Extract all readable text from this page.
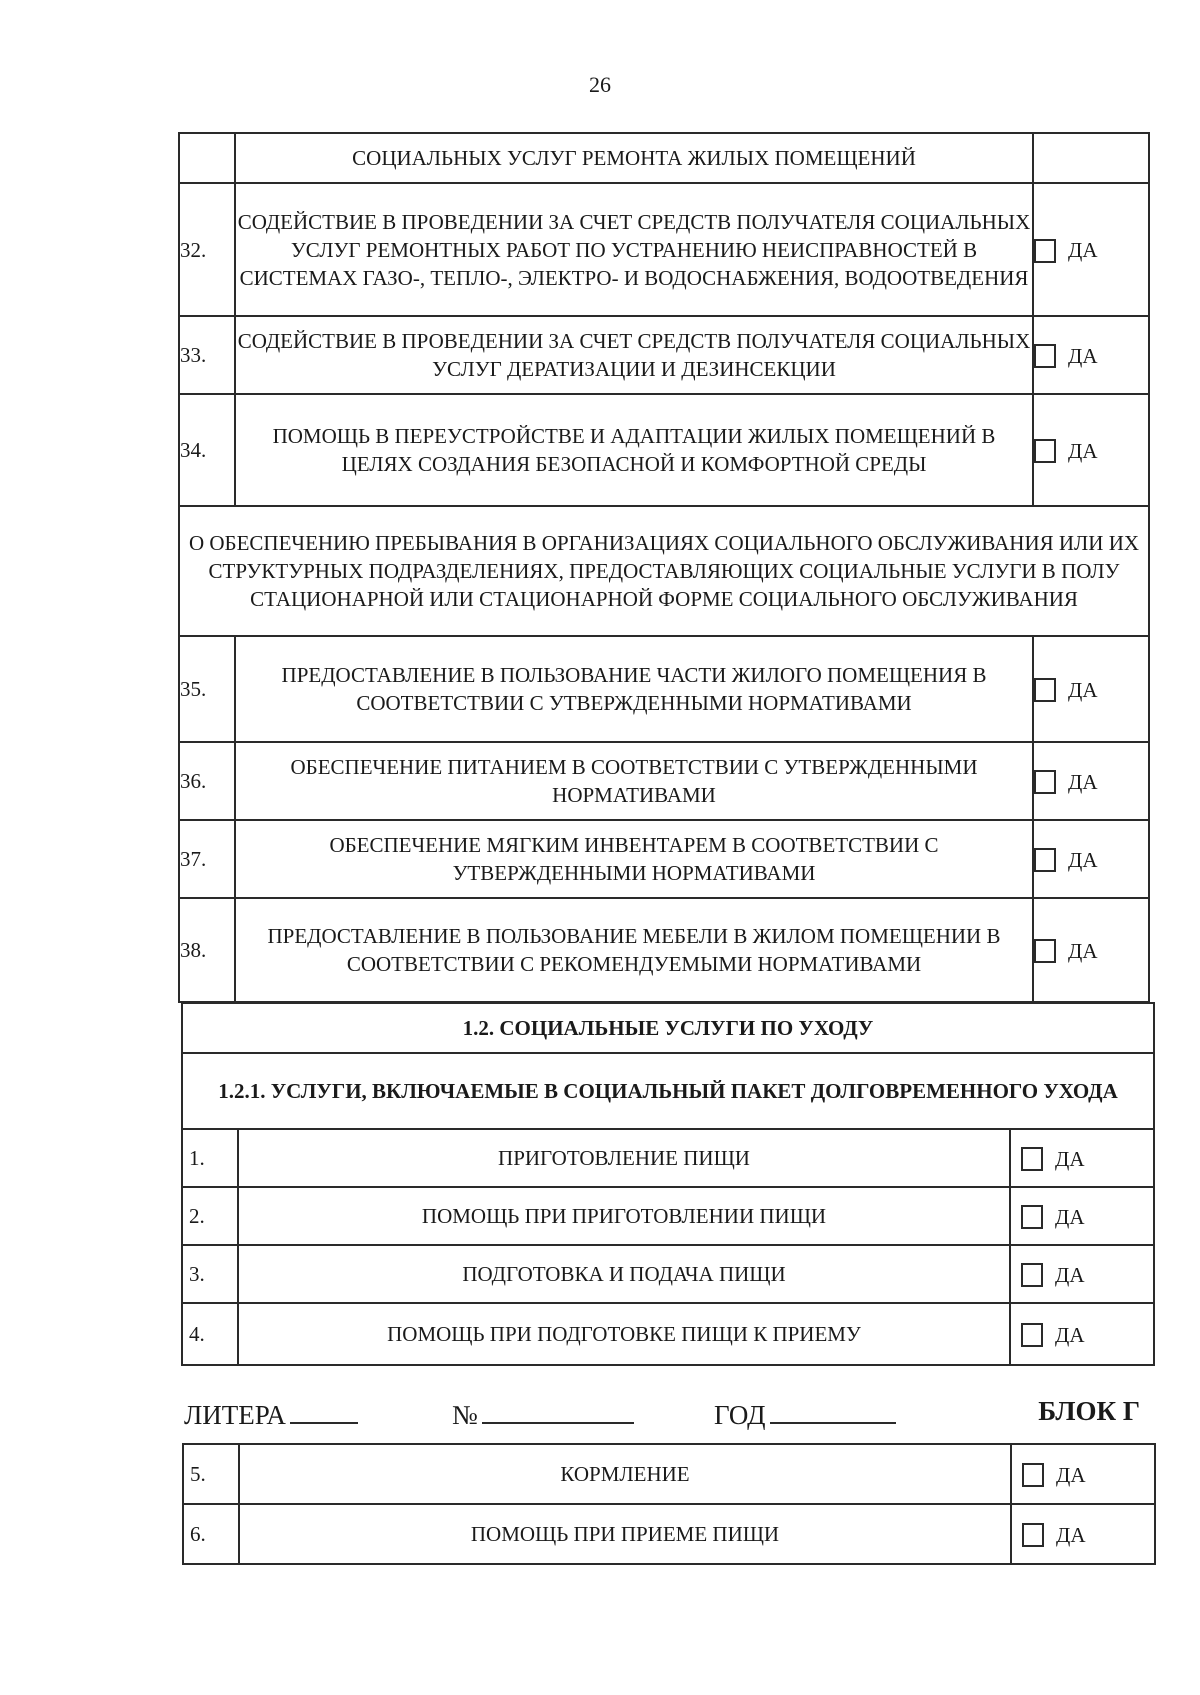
26
	СОЦИАЛЬНЫХ УСЛУГ РЕМОНТА ЖИЛЫХ ПОМЕЩЕНИЙ	
32.	СОДЕЙСТВИЕ В ПРОВЕДЕНИИ ЗА СЧЕТ СРЕДСТВ ПОЛУЧАТЕЛЯ СОЦИАЛЬНЫХ УСЛУГ РЕМОНТНЫХ РАБОТ ПО УСТРАНЕНИЮ НЕИСПРАВНОСТЕЙ В СИСТЕМАХ ГАЗО-, ТЕПЛО-, ЭЛЕКТРО- И ВОДОСНАБЖЕНИЯ, ВОДООТВЕДЕНИЯ	ДА
33.	СОДЕЙСТВИЕ В ПРОВЕДЕНИИ ЗА СЧЕТ СРЕДСТВ ПОЛУЧАТЕЛЯ СОЦИАЛЬНЫХ УСЛУГ ДЕРАТИЗАЦИИ И ДЕЗИНСЕКЦИИ	ДА
34.	ПОМОЩЬ В ПЕРЕУСТРОЙСТВЕ И АДАПТАЦИИ ЖИЛЫХ ПОМЕЩЕНИЙ В ЦЕЛЯХ СОЗДАНИЯ БЕЗОПАСНОЙ И КОМФОРТНОЙ СРЕДЫ	ДА
О ОБЕСПЕЧЕНИЮ ПРЕБЫВАНИЯ В ОРГАНИЗАЦИЯХ СОЦИАЛЬНОГО ОБСЛУЖИВАНИЯ ИЛИ ИХ СТРУКТУРНЫХ ПОДРАЗДЕЛЕНИЯХ, ПРЕДОСТАВЛЯЮЩИХ СОЦИАЛЬНЫЕ УСЛУГИ В ПОЛУ СТАЦИОНАРНОЙ ИЛИ СТАЦИОНАРНОЙ ФОРМЕ СОЦИАЛЬНОГО ОБСЛУЖИВАНИЯ		
35.	ПРЕДОСТАВЛЕНИЕ В ПОЛЬЗОВАНИЕ ЧАСТИ ЖИЛОГО ПОМЕЩЕНИЯ В СООТВЕТСТВИИ С УТВЕРЖДЕННЫМИ НОРМАТИВАМИ	ДА
36.	ОБЕСПЕЧЕНИЕ ПИТАНИЕМ В СООТВЕТСТВИИ С УТВЕРЖДЕННЫМИ НОРМАТИВАМИ	ДА
37.	ОБЕСПЕЧЕНИЕ МЯГКИМ ИНВЕНТАРЕМ В СООТВЕТСТВИИ С УТВЕРЖДЕННЫМИ НОРМАТИВАМИ	ДА
38.	ПРЕДОСТАВЛЕНИЕ В ПОЛЬЗОВАНИЕ МЕБЕЛИ В ЖИЛОМ ПОМЕЩЕНИИ В СООТВЕТСТВИИ С РЕКОМЕНДУЕМЫМИ НОРМАТИВАМИ	ДА
1.2. СОЦИАЛЬНЫЕ УСЛУГИ ПО УХОДУ		
1.2.1. УСЛУГИ, ВКЛЮЧАЕМЫЕ В СОЦИАЛЬНЫЙ ПАКЕТ ДОЛГОВРЕМЕННОГО УХОДА		
1.	ПРИГОТОВЛЕНИЕ ПИЩИ	ДА
2.	ПОМОЩЬ ПРИ ПРИГОТОВЛЕНИИ ПИЩИ	ДА
3.	ПОДГОТОВКА И ПОДАЧА ПИЩИ	ДА
4.	ПОМОЩЬ ПРИ ПОДГОТОВКЕ ПИЩИ К ПРИЕМУ	ДА
ЛИТЕРА	№	ГОД	БЛОК Г
5.	КОРМЛЕНИЕ	ДА
6.	ПОМОЩЬ ПРИ ПРИЕМЕ ПИЩИ	ДА
